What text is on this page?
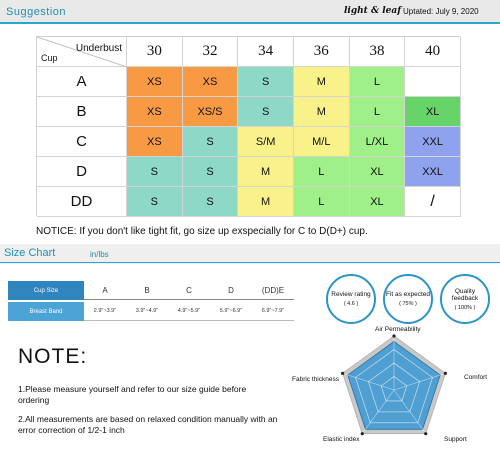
Suggestion	light & leaf Uptated: July 9, 2020
Underbust
Cup	30	32	34	36	38	40
A	XS	XS	S	M	L
B	XS	XS/S	S	M	L	XL
C	XS	S	S/M	M/L	L/XL	XXL
D	S	S	M	L	XL	XXL
DD	S	S	M	L	XL	/
NOTICE: If you don't like tight fit, go size up exspecially for C to D(D+) cup.
Size Chart	in/lbs
Cup Size	A	B	C	D	(DD)E
Breast Band	2.9"~3.9"	3.9"~4.9"	4.9"~5.9"	5.9"~6.9"	6.9"~7.9"
Review rating
( 4.6 )
Fit as expected
( 75% )
Quality feedback
( 100% )
NOTE:
1.Please measure yourself and refer to our size guide before ordering
2.All measurements are based on relaxed condition manually with an error correction of 1/2-1 inch
Air Permeability
Comfort
Support
Elastic index
Fabric thickness
